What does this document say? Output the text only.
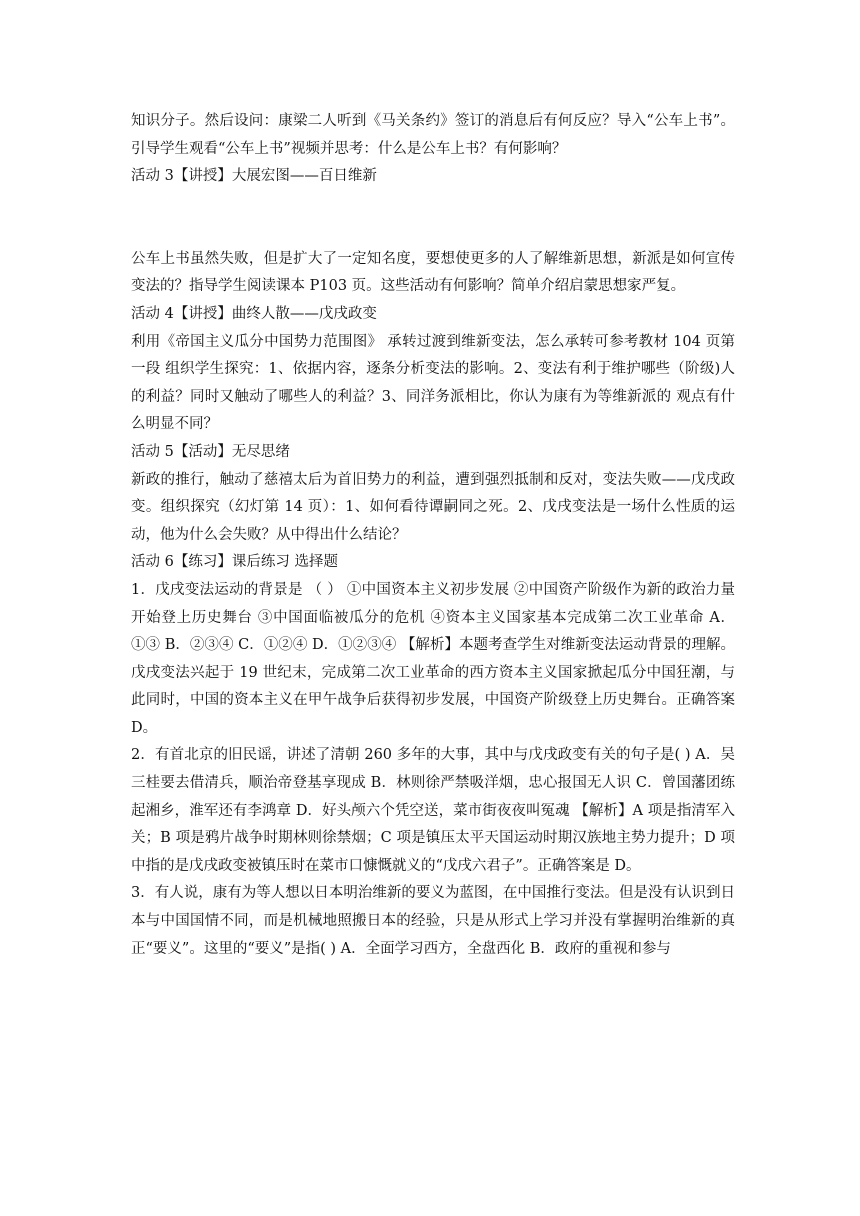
知识分子。然后设问：康梁二人听到《马关条约》签订的消息后有何反应？导入“公车上书”。引导学生观看“公车上书”视频并思考：什么是公车上书？有何影响？

活动 3【讲授】大展宏图——百日维新

公车上书虽然失败，但是扩大了一定知名度，要想使更多的人了解维新思想，新派是如何宣传变法的？指导学生阅读课本 P103 页。这些活动有何影响？简单介绍启蒙思想家严复。

活动 4【讲授】曲终人散——戊戌政变

利用《帝国主义瓜分中国势力范围图》 承转过渡到维新变法，怎么承转可参考教材 104 页第一段 组织学生探究：1、依据内容，逐条分析变法的影响。2、变法有利于维护哪些（阶级)人的利益？同时又触动了哪些人的利益？3、同洋务派相比，你认为康有为等维新派的 观点有什么明显不同？

活动 5【活动】无尽思绪

新政的推行，触动了慈禧太后为首旧势力的利益，遭到强烈抵制和反对，变法失败——戊戌政变。组织探究（幻灯第 14 页）：1、如何看待谭嗣同之死。2、戊戌变法是一场什么性质的运动，他为什么会失败？从中得出什么结论？

活动 6【练习】课后练习 选择题

1．戊戌变法运动的背景是 （ ） ①中国资本主义初步发展 ②中国资产阶级作为新的政治力量开始登上历史舞台 ③中国面临被瓜分的危机 ④资本主义国家基本完成第二次工业革命 A．①③ B．②③④ C．①②④ D．①②③④ 【解析】本题考查学生对维新变法运动背景的理解。戊戌变法兴起于 19 世纪末，完成第二次工业革命的西方资本主义国家掀起瓜分中国狂潮，与此同时，中国的资本主义在甲午战争后获得初步发展，中国资产阶级登上历史舞台。正确答案 D。

2．有首北京的旧民谣，讲述了清朝 260 多年的大事，其中与戊戌政变有关的句子是( ) A．吴三桂要去借清兵，顺治帝登基享现成 B．林则徐严禁吸洋烟，忠心报国无人识 C．曾国藩团练起湘乡，淮军还有李鸿章 D．好头颅六个凭空送，菜市街夜夜叫冤魂 【解析】A 项是指清军入关；B 项是鸦片战争时期林则徐禁烟；C 项是镇压太平天国运动时期汉族地主势力提升；D 项中指的是戊戌政变被镇压时在菜市口慷慨就义的“戊戌六君子”。正确答案是 D。

3．有人说，康有为等人想以日本明治维新的要义为蓝图，在中国推行变法。但是没有认识到日本与中国国情不同，而是机械地照搬日本的经验，只是从形式上学习并没有掌握明治维新的真正“要义”。这里的“要义”是指( ) A．全面学习西方，全盘西化 B．政府的重视和参与
